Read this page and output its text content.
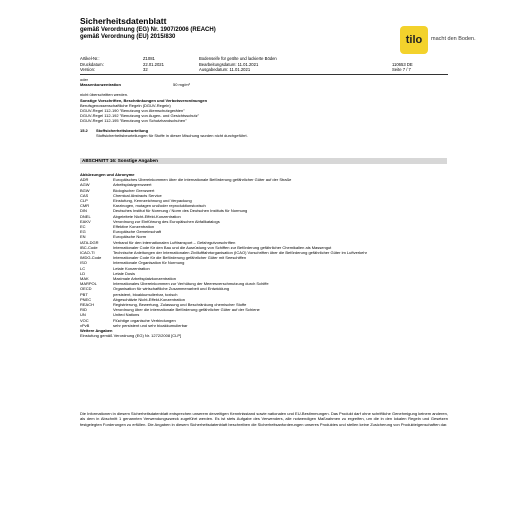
Sicherheitsdatenblatt
gemäß Verordnung (EG) Nr. 1907/2006 (REACH)
gemäß Verordnung (EU) 2015/830	tilo macht den Boden.
Artikel-Nr.:	Z1081	Bodenseife für geölte und lackierte Böden
Druckdatum:	22.01.2021	Bearbeitungsdatum: 11.01.2021	110653 DE
Version:	32	Ausgabedatum: 11.01.2021	Seite 7 / 7
oder
Massenkonzentration	50 mg/m³
nicht überschritten werden.
Sonstige Vorschriften, Beschränkungen und Verbotsverordnungen
Berufsgenossenschaftliche Regeln (DGUV-Regeln)
DGUV-Regel 112-190 "Benutzung von Atemschutzgeräten"
DGUV-Regel 112-192 "Benutzung von Augen- und Gesichtsschutz"
DGUV-Regel 112-195 "Benutzung von Schutzhandschuhen"
15.2	Stoffsicherheitsbeurteilung
Stoffsicherheitsbeurteilungen für Stoffe in dieser Mischung wurden nicht durchgeführt.
ABSCHNITT 16: Sonstige Angaben
Abkürzungen und Akronyme
ADR	Europäisches Übereinkommen über die internationale Beförderung gefährlicher Güter auf der Straße
AGW	Arbeitsplatzgrenzwert
BGW	Biologischer Grenzwert
CAS	Chemical Abstracts Service
CLP	Einstufung, Kennzeichnung und Verpackung
CMR	Karzinogen, mutagen und/oder reproduktionstoxisch
DIN	Deutsches Institut für Normung / Norm des Deutschen Instituts für Normung
DNEL	Abgeleitete Nicht-Effekt-Konzentration
EAKV	Verordnung zur Einführung des Europäischen Abfallkatalogs
EC	Effektive Konzentration
EG	Europäische Gemeinschaft
EN	Europäische Norm
IATA-DGR	Verband für den internationalen Lufttransport – Gefahrgutvorschriften
IBC-Code	Internationaler Code für den Bau und die Ausrüstung von Schiffen zur Beförderung gefährlicher Chemikalien als Massengut
ICAO-TI	Technische Anleitungen der Internationalen Zivilluftfahrtorganisation (ICAO) Vorschriften über die Beförderung gefährlicher Güter im Luftverkehr
IMDG-Code	Internationaler Code für die Beförderung gefährlicher Güter mit Seeschiffen
ISO	Internationale Organisation für Normung
LC	Letale Konzentration
LD	Letale Dosis
MAK	Maximale Arbeitsplatzkonzentration
MARPOL	Internationales Übereinkommen zur Verhütung der Meeresverschmutzung durch Schiffe
OECD	Organisation für wirtschaftliche Zusammenarbeit und Entwicklung
PBT	persistent, bioakkumulierbar, toxisch
PNEC	Abgeschätzte Nicht-Effekt-Konzentration
REACH	Registrierung, Bewertung, Zulassung und Beschränkung chemischer Stoffe
RID	Verordnung über die internationale Beförderung gefährlicher Güter auf der Schiene
UN	United Nations
VOC	Flüchtige organische Verbindungen
vPvB	sehr persistent und sehr bioakkumulierbar
Weitere Angaben
Einstufung gemäß Verordnung (EG) Nr. 1272/2008 [CLP]
Die Informationen in diesem Sicherheitsdatenblatt entsprechen unserem derzeitigen Kenntnisstand sowie nationalen und EU-Bestimmungen. Das Produkt darf ohne schriftliche Genehmigung keinem anderen, als dem in Abschnitt 1 genannten Verwendungszweck zugeführt werden. Es ist stets Aufgabe des Verwenders, alle notwendigen Maßnahmen zu ergreifen, um die in den lokalen Regeln und Gesetzen festgelegten Forderungen zu erfüllen. Die Angaben in diesem Sicherheitsdatenblatt beschreiben die Sicherheitsanforderungen unseres Produktes und stellen keine Zusicherung von Produkteigenschaften dar.
